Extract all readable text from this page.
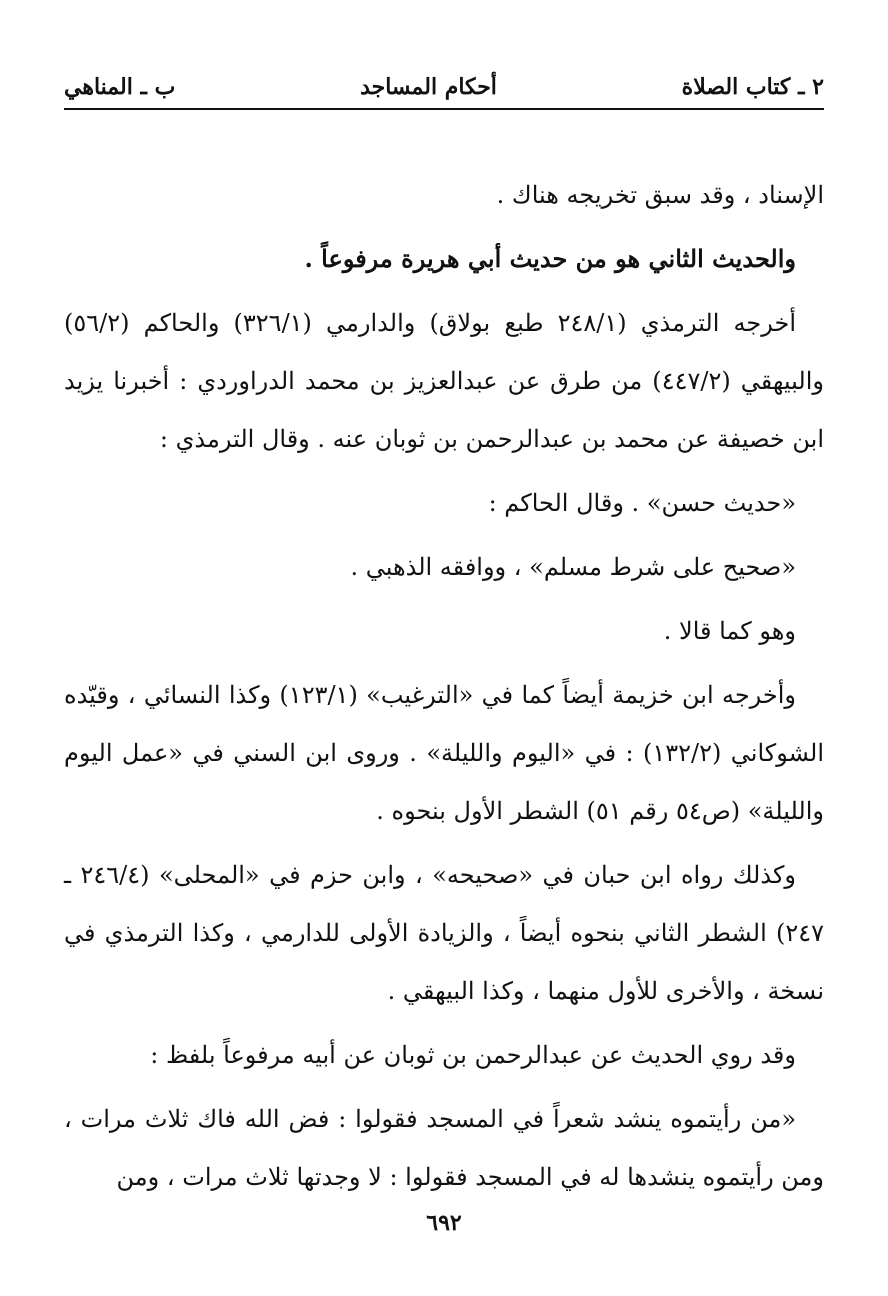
٢ ـ كتاب الصلاة
أحكام المساجد
ب ـ المناهي

الإسناد ، وقد سبق تخريجه هناك .

والحديث الثاني هو من حديث أبي هريرة مرفوعاً .

أخرجه الترمذي (٢٤٨/١ طبع بولاق) والدارمي (٣٢٦/١) والحاكم (٥٦/٢) والبيهقي (٤٤٧/٢) من طرق عن عبدالعزيز بن محمد الدراوردي : أخبرنا يزيد ابن خصيفة عن محمد بن عبدالرحمن بن ثوبان عنه . وقال الترمذي :

«حديث حسن» . وقال الحاكم :

«صحيح على شرط مسلم» ، ووافقه الذهبي .

وهو كما قالا .

وأخرجه ابن خزيمة أيضاً كما في «الترغيب» (١٢٣/١) وكذا النسائي ، وقيّده الشوكاني (١٣٢/٢) : في «اليوم والليلة» . وروى ابن السني في «عمل اليوم والليلة» (ص٥٤ رقم ٥١) الشطر الأول بنحوه .

وكذلك رواه ابن حبان في «صحيحه» ، وابن حزم في «المحلى» (٢٤٦/٤ ـ ٢٤٧) الشطر الثاني بنحوه أيضاً ، والزيادة الأولى للدارمي ، وكذا الترمذي في نسخة ، والأخرى للأول منهما ، وكذا البيهقي .

وقد روي الحديث عن عبدالرحمن بن ثوبان عن أبيه مرفوعاً بلفظ :

«من رأيتموه ينشد شعراً في المسجد فقولوا : فض الله فاك ثلاث مرات ، ومن رأيتموه ينشدها له في المسجد فقولوا : لا وجدتها ثلاث مرات ، ومن

٦٩٢
